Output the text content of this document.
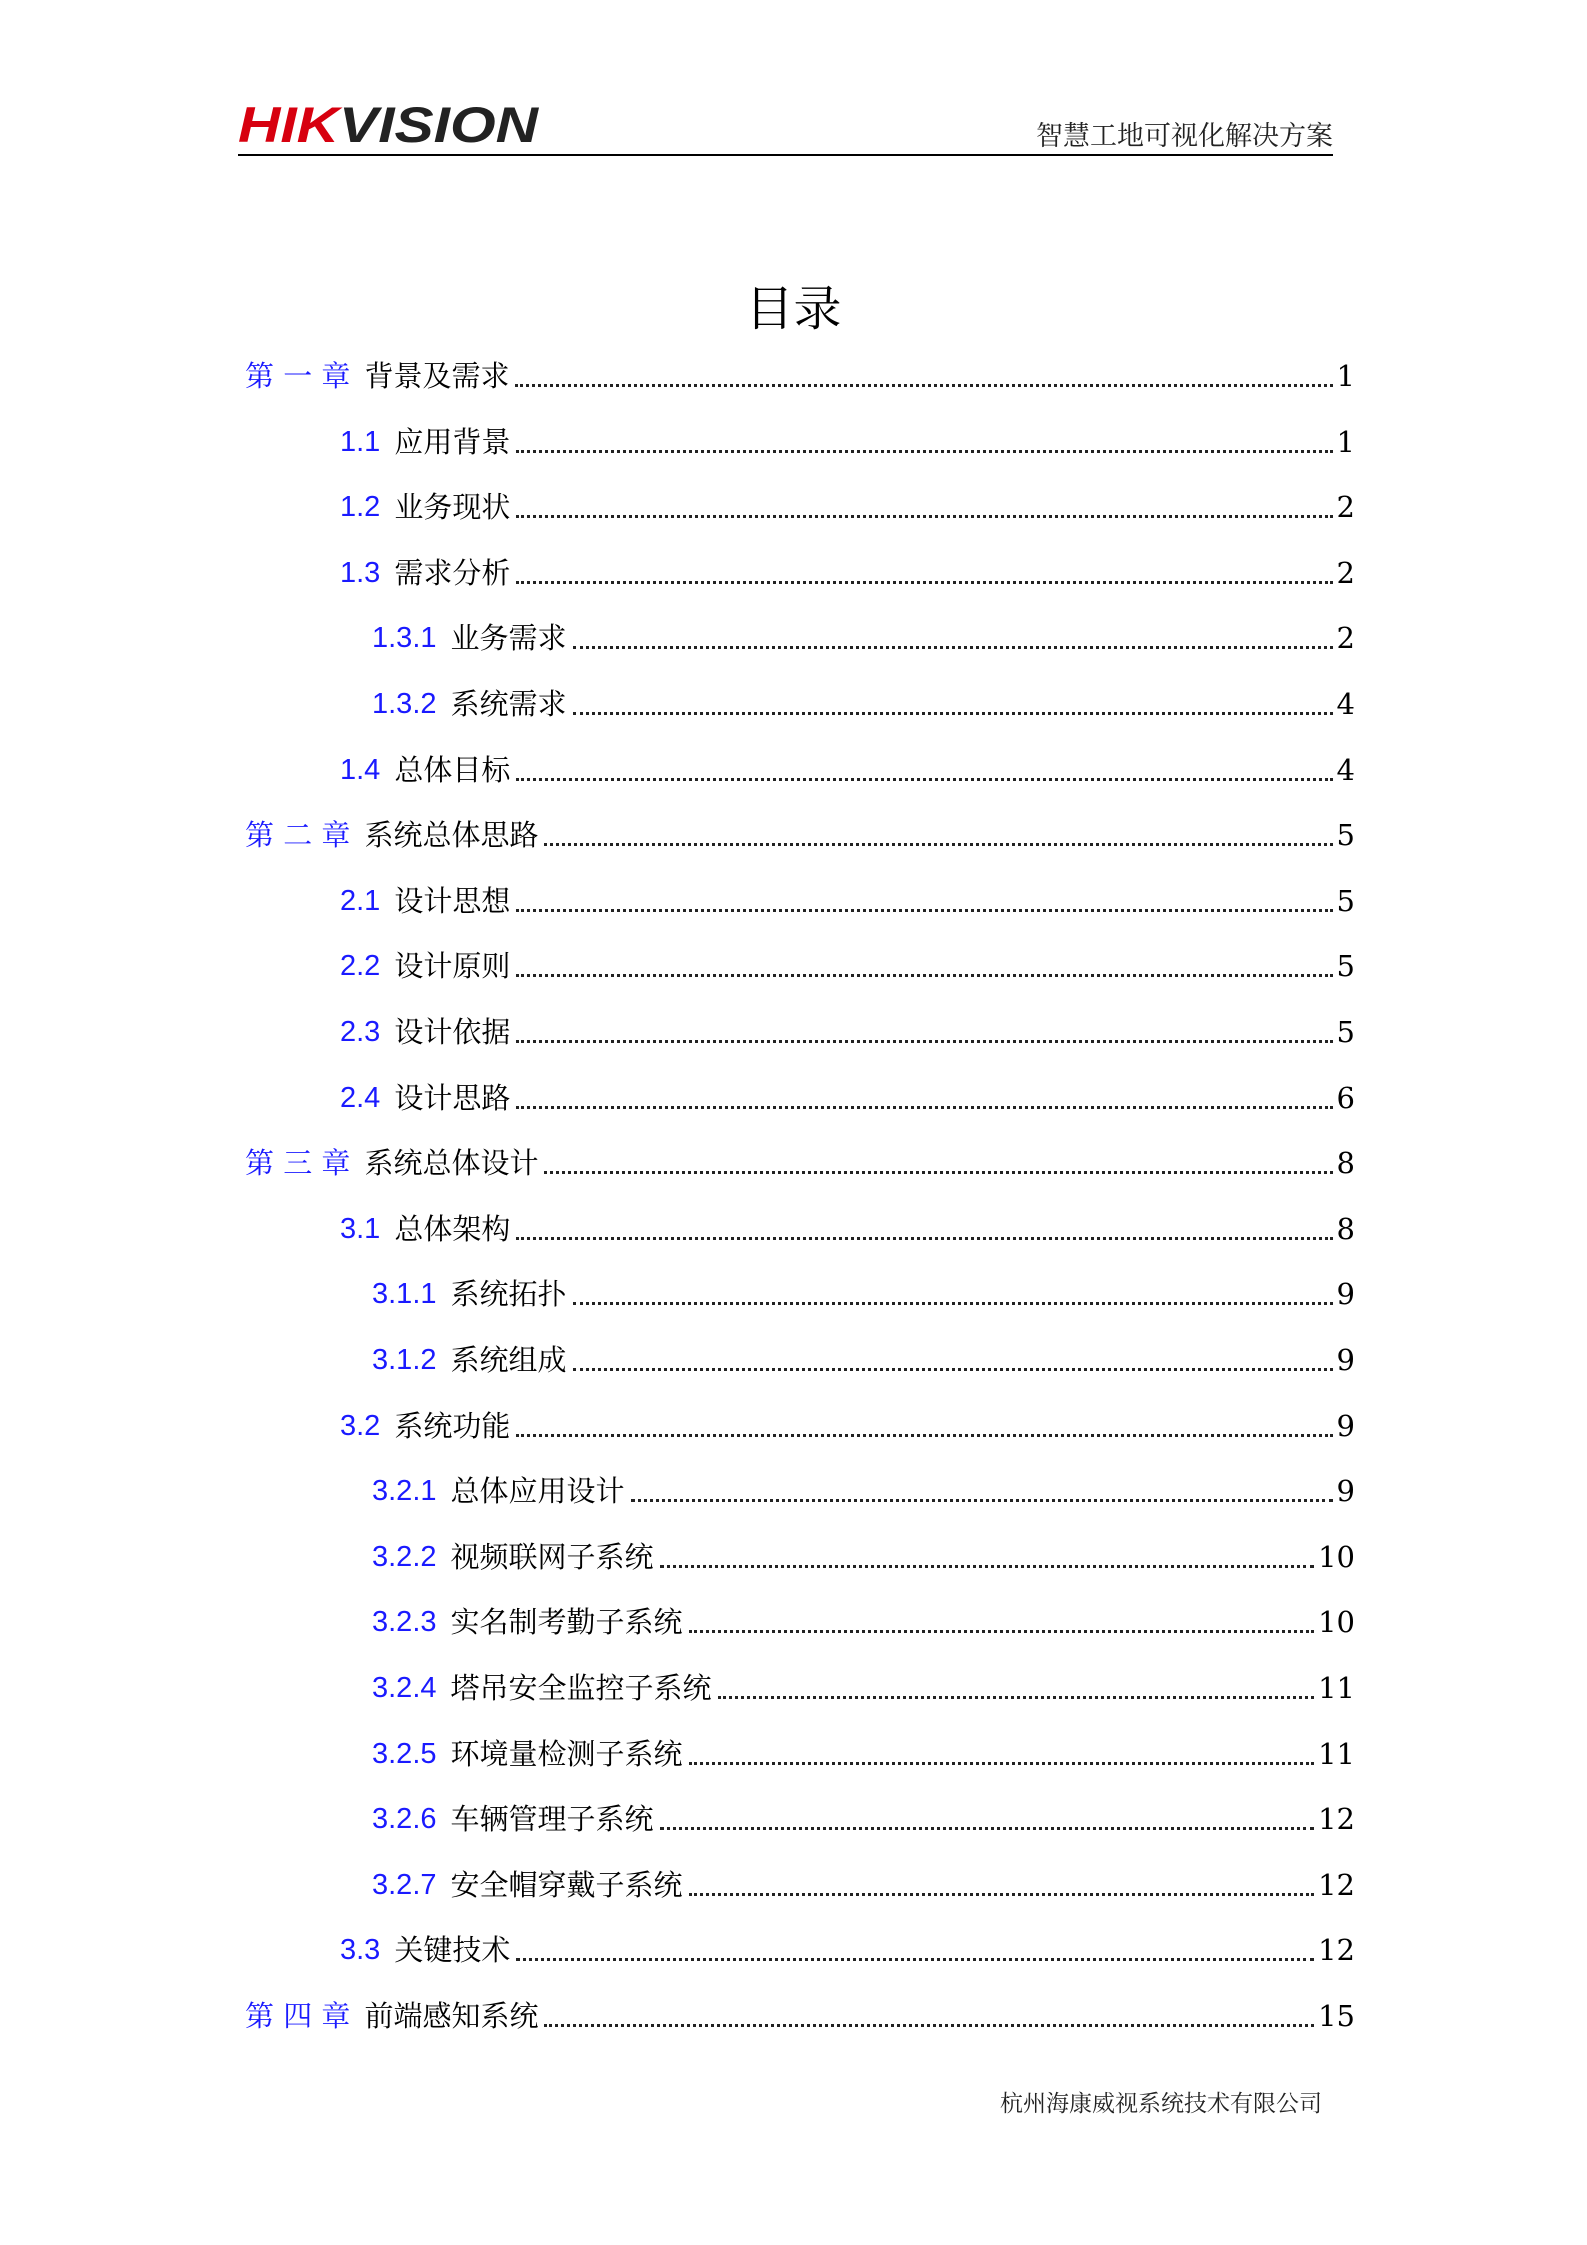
HIK VISION	智慧工地可视化解决方案
目录
第 一 章 背景及需求	1
1.1 应用背景	1
1.2 业务现状	2
1.3 需求分析	2
1.3.1 业务需求	2
1.3.2 系统需求	4
1.4 总体目标	4
第 二 章 系统总体思路	5
2.1 设计思想	5
2.2 设计原则	5
2.3 设计依据	5
2.4 设计思路	6
第 三 章 系统总体设计	8
3.1 总体架构	8
3.1.1 系统拓扑	9
3.1.2 系统组成	9
3.2 系统功能	9
3.2.1 总体应用设计	9
3.2.2 视频联网子系统	10
3.2.3 实名制考勤子系统	10
3.2.4 塔吊安全监控子系统	11
3.2.5 环境量检测子系统	11
3.2.6 车辆管理子系统	12
3.2.7 安全帽穿戴子系统	12
3.3 关键技术	12
第 四 章 前端感知系统	15
杭州海康威视系统技术有限公司
